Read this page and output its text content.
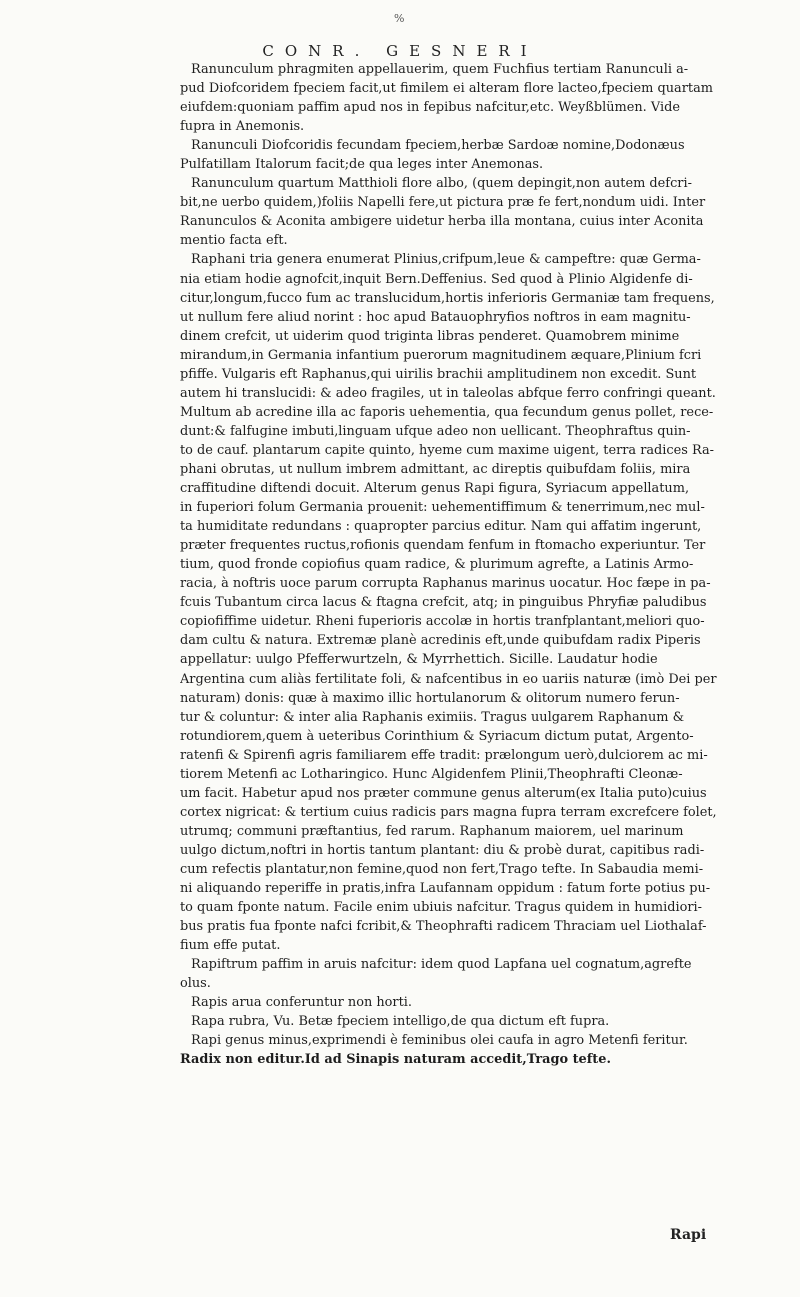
%
CONR. GESNERI
Ranunculum phragmiten appellauerim, quem Fuchfius tertiam Ranunculi a-
pud Diofcoridem fpeciem facit,ut fimilem ei alteram flore lacteo,fpeciem quartam
eiufdem:quoniam paffim apud nos in fepibus nafcitur,etc. Weyßblümen. Vide
fupra in Anemonis.
Ranunculi Diofcoridis fecundam fpeciem,herbæ Sardoæ nomine,Dodonæus
Pulfatillam Italorum facit;de qua leges inter Anemonas.
Ranunculum quartum Matthioli flore albo, (quem depingit,non autem defcri-
bit,ne uerbo quidem,)foliis Napelli fere,ut pictura præ fe fert,nondum uidi. Inter
Ranunculos & Aconita ambigere uidetur herba illa montana, cuius inter Aconita
mentio facta eft.
Raphani tria genera enumerat Plinius,crifpum,leue & campeftre: quæ Germa-
nia etiam hodie agnofcit,inquit Bern.Deffenius. Sed quod à Plinio Algidenfe di-
citur,longum,fucco fum ac translucidum,hortis inferioris Germaniæ tam frequens,
ut nullum fere aliud norint : hoc apud Batauophryfios noftros in eam magnitu-
dinem crefcit, ut uiderim quod triginta libras penderet. Quamobrem minime
mirandum,in Germania infantium puerorum magnitudinem æquare,Plinium fcri
pfiffe. Vulgaris eft Raphanus,qui uirilis brachii amplitudinem non excedit. Sunt
autem hi translucidi: & adeo fragiles, ut in taleolas abfque ferro confringi queant.
Multum ab acredine illa ac faporis uehementia, qua fecundum genus pollet, rece-
dunt:& falfugine imbuti,linguam ufque adeo non uellicant. Theophraftus quin-
to de cauf. plantarum capite quinto, hyeme cum maxime uigent, terra radices Ra-
phani obrutas, ut nullum imbrem admittant, ac direptis quibufdam foliis, mira
craffitudine diftendi docuit. Alterum genus Rapi figura, Syriacum appellatum,
in fuperiori folum Germania prouenit: uehementiffimum & tenerrimum,nec mul-
ta humiditate redundans : quapropter parcius editur. Nam qui affatim ingerunt,
præter frequentes ructus,rofionis quendam fenfum in ftomacho experiuntur. Ter
tium, quod fronde copiofius quam radice, & plurimum agrefte, a Latinis Armo-
racia, à noftris uoce parum corrupta Raphanus marinus uocatur. Hoc fæpe in pa-
fcuis Tubantum circa lacus & ftagna crefcit, atq; in pinguibus Phryfiæ paludibus
copiofiffime uidetur. Rheni fuperioris accolæ in hortis tranfplantant,meliori quo-
dam cultu & natura. Extremæ planè acredinis eft,unde quibufdam radix Piperis
appellatur: uulgo Pfefferwurtzeln, & Myrrhettich. Sicille. Laudatur hodie
Argentina cum aliàs fertilitate foli, & nafcentibus in eo uariis naturæ (imò Dei per
naturam) donis: quæ à maximo illic hortulanorum & olitorum numero ferun-
tur & coluntur: & inter alia Raphanis eximiis. Tragus uulgarem Raphanum &
rotundiorem,quem à ueteribus Corinthium & Syriacum dictum putat, Argento-
ratenfi & Spirenfi agris familiarem effe tradit: prælongum uerò,dulciorem ac mi-
tiorem Metenfi ac Lotharingico. Hunc Algidenfem Plinii,Theophrafti Cleonæ-
um facit. Habetur apud nos præter commune genus alterum(ex Italia puto)cuius
cortex nigricat: & tertium cuius radicis pars magna fupra terram excrefcere folet,
utrumq; communi præftantius, fed rarum. Raphanum maiorem, uel marinum
uulgo dictum,noftri in hortis tantum plantant: diu & probè durat, capitibus radi-
cum refectis plantatur,non femine,quod non fert,Trago tefte. In Sabaudia memi-
ni aliquando reperiffe in pratis,infra Laufannam oppidum : fatum forte potius pu-
to quam fponte natum. Facile enim ubiuis nafcitur. Tragus quidem in humidiori-
bus pratis fua fponte nafci fcribit,& Theophrafti radicem Thraciam uel Liothalaf-
fium effe putat.
Rapiftrum paffim in aruis nafcitur: idem quod Lapfana uel cognatum,agrefte
olus.
Rapis arua conferuntur non horti.
Rapa rubra, Vu. Betæ fpeciem intelligo,de qua dictum eft fupra.
Rapi genus minus,exprimendi è feminibus olei caufa in agro Metenfi feritur.
Radix non editur.Id ad Sinapis naturam accedit,Trago tefte.
Rapi
